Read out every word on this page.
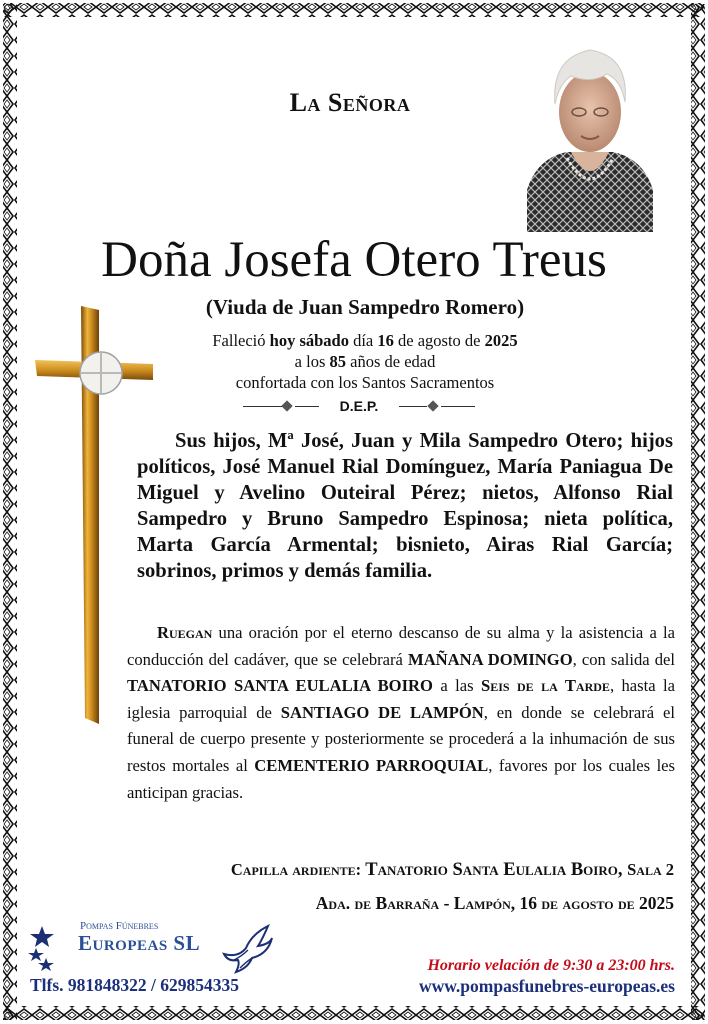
La Señora
Doña Josefa Otero Treus
(Viuda de Juan Sampedro Romero)
Falleció hoy sábado día 16 de agosto de 2025
a los 85 años de edad
confortada con los Santos Sacramentos
D.E.P.

Sus hijos, Mª José, Juan y Mila Sampedro Otero; hijos políticos, José Manuel Rial Domínguez, María Paniagua De Miguel y Avelino Outeiral Pérez; nietos, Alfonso Rial Sampedro y Bruno Sampedro Espinosa; nieta política, Marta García Armental; bisnieto, Airas Rial García; sobrinos, primos y demás familia.

Ruegan una oración por el eterno descanso de su alma y la asistencia a la conducción del cadáver, que se celebrará MAÑANA DOMINGO, con salida del TANATORIO SANTA EULALIA BOIRO a las Seis de la Tarde, hasta la iglesia parroquial de SANTIAGO DE LAMPÓN, en donde se celebrará el funeral de cuerpo presente y posteriormente se procederá a la inhumación de sus restos mortales al CEMENTERIO PARROQUIAL, favores por los cuales les anticipan gracias.

Capilla ardiente: Tanatorio Santa Eulalia Boiro, Sala 2
Ada. de Barraña - Lampón, 16 de agosto de 2025
Pompas Fúnebres
Europeas SL
Tlfs. 981848322 / 629854335
Horario velación de 9:30 a 23:00 hrs.
www.pompasfunebres-europeas.es
